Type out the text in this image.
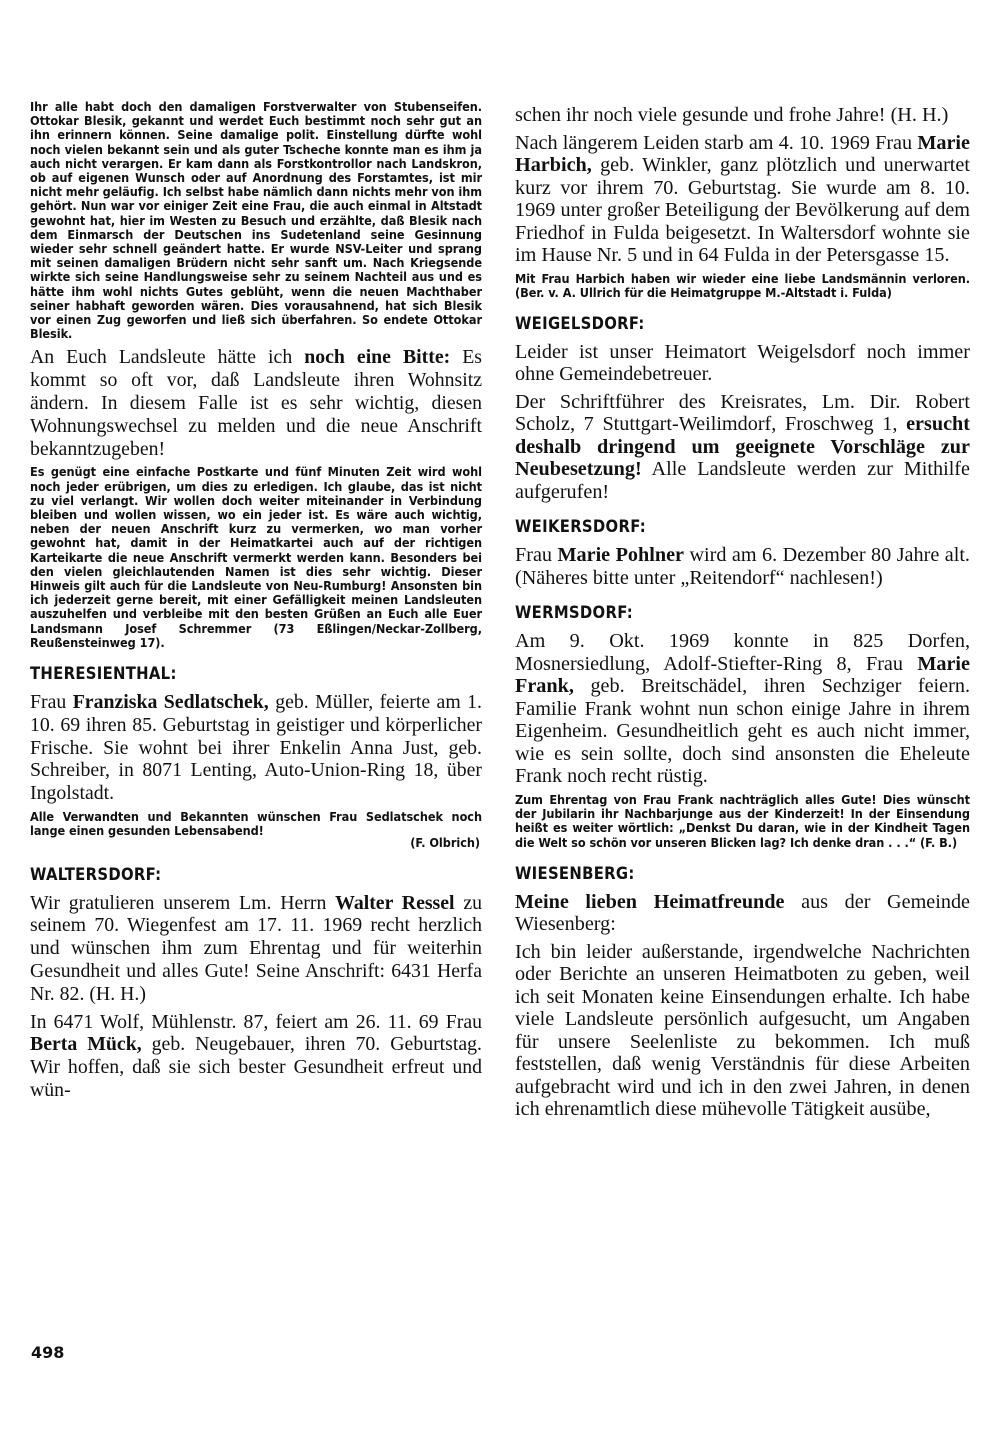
Ihr alle habt doch den damaligen Forstverwalter von Stubenseifen. Ottokar Blesik, gekannt und werdet Euch bestimmt noch sehr gut an ihn erinnern können. Seine damalige polit. Einstellung dürfte wohl noch vielen bekannt sein und als guter Tscheche konnte man es ihm ja auch nicht verargen. Er kam dann als Forstkontrollor nach Landskron, ob auf eigenen Wunsch oder auf Anordnung des Forstamtes, ist mir nicht mehr geläufig. Ich selbst habe nämlich dann nichts mehr von ihm gehört. Nun war vor einiger Zeit eine Frau, die auch einmal in Altstadt gewohnt hat, hier im Westen zu Besuch und erzählte, daß Blesik nach dem Einmarsch der Deutschen ins Sudetenland seine Gesinnung wieder sehr schnell geändert hatte. Er wurde NSV-Leiter und sprang mit seinen damaligen Brüdern nicht sehr sanft um. Nach Kriegsende wirkte sich seine Handlungsweise sehr zu seinem Nachteil aus und es hätte ihm wohl nichts Gutes geblüht, wenn die neuen Machthaber seiner habhaft geworden wären. Dies vorausahnend, hat sich Blesik vor einen Zug geworfen und ließ sich überfahren. So endete Ottokar Blesik.

An Euch Landsleute hätte ich noch eine Bitte: Es kommt so oft vor, daß Landsleute ihren Wohnsitz ändern. In diesem Falle ist es sehr wichtig, diesen Wohnungswechsel zu melden und die neue Anschrift bekanntzugeben!

Es genügt eine einfache Postkarte und fünf Minuten Zeit wird wohl noch jeder erübrigen, um dies zu erledigen. Ich glaube, das ist nicht zu viel verlangt. Wir wollen doch weiter miteinander in Verbindung bleiben und wollen wissen, wo ein jeder ist. Es wäre auch wichtig, neben der neuen Anschrift kurz zu vermerken, wo man vorher gewohnt hat, damit in der Heimatkartei auch auf der richtigen Karteikarte die neue Anschrift vermerkt werden kann. Besonders bei den vielen gleichlautenden Namen ist dies sehr wichtig. Dieser Hinweis gilt auch für die Landsleute von Neu-Rumburg! Ansonsten bin ich jederzeit gerne bereit, mit einer Gefälligkeit meinen Landsleuten auszuhelfen und verbleibe mit den besten Grüßen an Euch alle Euer Landsmann Josef Schremmer (73 Eßlingen/Neckar-Zollberg, Reußensteinweg 17).

THERESIENTHAL:

Frau Franziska Sedlatschek, geb. Müller, feierte am 1. 10. 69 ihren 85. Geburtstag in geistiger und körperlicher Frische. Sie wohnt bei ihrer Enkelin Anna Just, geb. Schreiber, in 8071 Lenting, Auto-Union-Ring 18, über Ingolstadt.

Alle Verwandten und Bekannten wünschen Frau Sedlatschek noch lange einen gesunden Lebensabend!

(F. Olbrich)

WALTERSDORF:

Wir gratulieren unserem Lm. Herrn Walter Ressel zu seinem 70. Wiegenfest am 17. 11. 1969 recht herzlich und wünschen ihm zum Ehrentag und für weiterhin Gesundheit und alles Gute! Seine Anschrift: 6431 Herfa Nr. 82. (H. H.)

In 6471 Wolf, Mühlenstr. 87, feiert am 26. 11. 69 Frau Berta Mück, geb. Neugebauer, ihren 70. Geburtstag. Wir hoffen, daß sie sich bester Gesundheit erfreut und wün-

schen ihr noch viele gesunde und frohe Jahre! (H. H.)

Nach längerem Leiden starb am 4. 10. 1969 Frau Marie Harbich, geb. Winkler, ganz plötzlich und unerwartet kurz vor ihrem 70. Geburtstag. Sie wurde am 8. 10. 1969 unter großer Beteiligung der Bevölkerung auf dem Friedhof in Fulda beigesetzt. In Waltersdorf wohnte sie im Hause Nr. 5 und in 64 Fulda in der Petersgasse 15.

Mit Frau Harbich haben wir wieder eine liebe Landsmännin verloren. (Ber. v. A. Ullrich für die Heimatgruppe M.-Altstadt i. Fulda)

WEIGELSDORF:

Leider ist unser Heimatort Weigelsdorf noch immer ohne Gemeindebetreuer.

Der Schriftführer des Kreisrates, Lm. Dir. Robert Scholz, 7 Stuttgart-Weilimdorf, Froschweg 1, ersucht deshalb dringend um geeignete Vorschläge zur Neubesetzung! Alle Landsleute werden zur Mithilfe aufgerufen!

WEIKERSDORF:

Frau Marie Pohlner wird am 6. Dezember 80 Jahre alt. (Näheres bitte unter „Reitendorf“ nachlesen!)

WERMSDORF:

Am 9. Okt. 1969 konnte in 825 Dorfen, Mosnersiedlung, Adolf-Stiefter-Ring 8, Frau Marie Frank, geb. Breitschädel, ihren Sechziger feiern. Familie Frank wohnt nun schon einige Jahre in ihrem Eigenheim. Gesundheitlich geht es auch nicht immer, wie es sein sollte, doch sind ansonsten die Eheleute Frank noch recht rüstig.

Zum Ehrentag von Frau Frank nachträglich alles Gute! Dies wünscht der Jubilarin ihr Nachbarjunge aus der Kinderzeit! In der Einsendung heißt es weiter wörtlich: „Denkst Du daran, wie in der Kindheit Tagen die Welt so schön vor unseren Blicken lag? Ich denke dran . . .“ (F. B.)

WIESENBERG:

Meine lieben Heimatfreunde aus der Gemeinde Wiesenberg:

Ich bin leider außerstande, irgendwelche Nachrichten oder Berichte an unseren Heimatboten zu geben, weil ich seit Monaten keine Einsendungen erhalte. Ich habe viele Landsleute persönlich aufgesucht, um Angaben für unsere Seelenliste zu bekommen. Ich muß feststellen, daß wenig Verständnis für diese Arbeiten aufgebracht wird und ich in den zwei Jahren, in denen ich ehrenamtlich diese mühevolle Tätigkeit ausübe,

498
